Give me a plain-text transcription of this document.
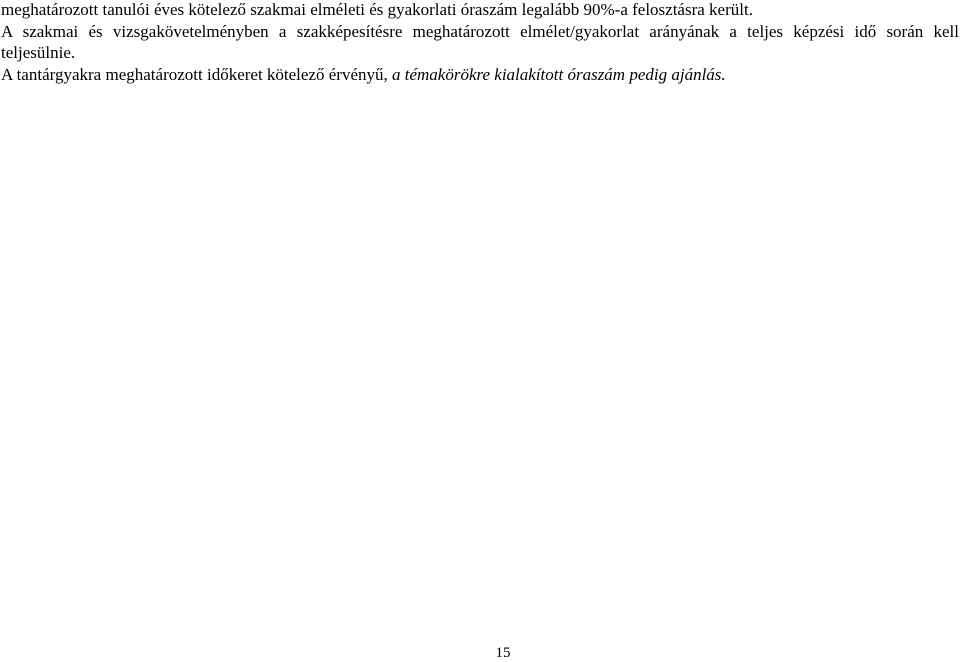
meghatározott tanulói éves kötelező szakmai elméleti és gyakorlati óraszám legalább 90%-a felosztásra került.
A szakmai és vizsgakövetelményben a szakképesítésre meghatározott elmélet/gyakorlat arányának a teljes képzési idő során kell
teljesülnie.
A tantárgyakra meghatározott időkeret kötelező érvényű, a témakörökre kialakított óraszám pedig ajánlás.
15
